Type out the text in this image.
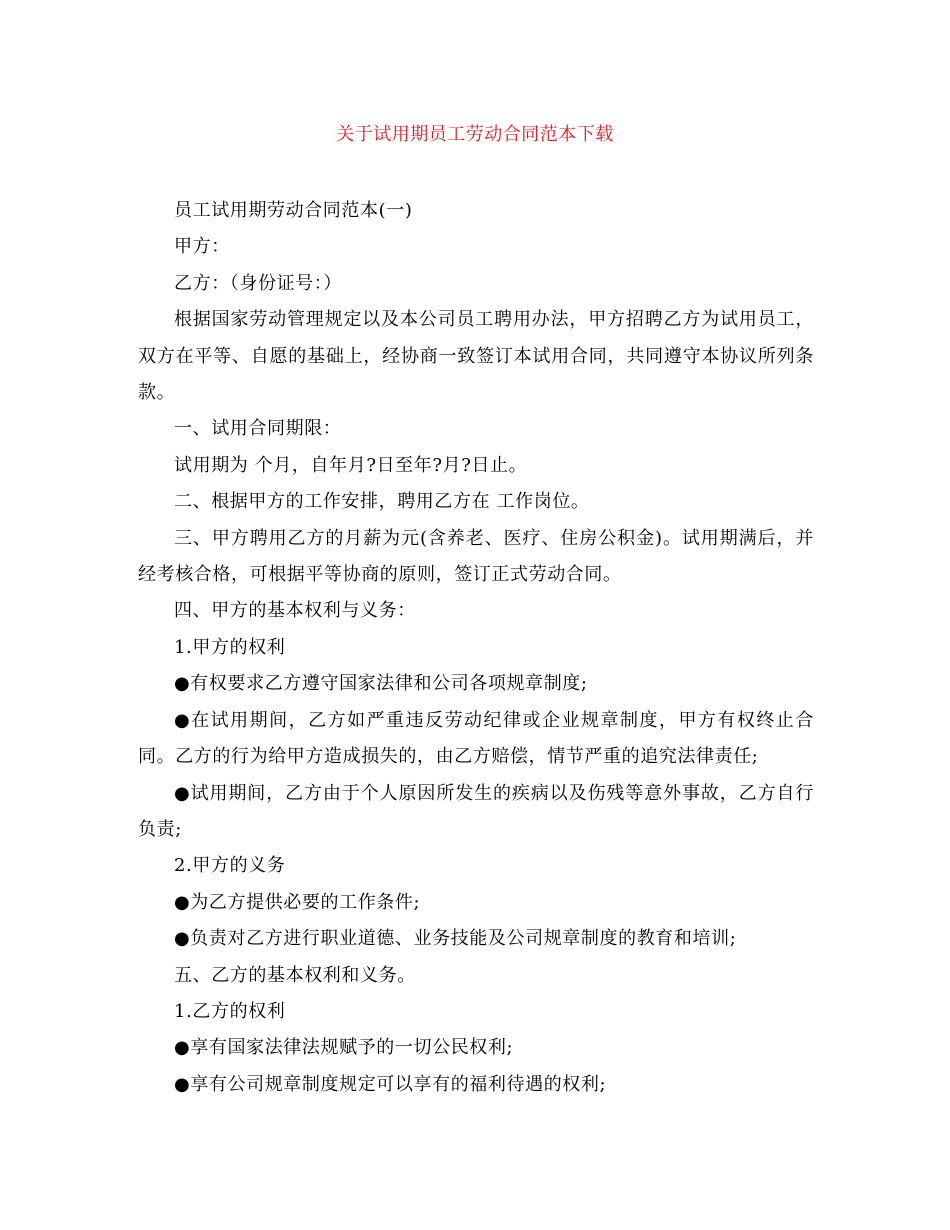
关于试用期员工劳动合同范本下载

员工试用期劳动合同范本(一)

甲方：

乙方：（身份证号：）

根据国家劳动管理规定以及本公司员工聘用办法，甲方招聘乙方为试用员工，双方在平等、自愿的基础上，经协商一致签订本试用合同，共同遵守本协议所列条款。

一、试用合同期限：

试用期为 个月，自年月?日至年?月?日止。

二、根据甲方的工作安排，聘用乙方在 工作岗位。

三、甲方聘用乙方的月薪为元(含养老、医疗、住房公积金)。试用期满后，并经考核合格，可根据平等协商的原则，签订正式劳动合同。

四、甲方的基本权利与义务：

1.甲方的权利

●有权要求乙方遵守国家法律和公司各项规章制度;

●在试用期间，乙方如严重违反劳动纪律或企业规章制度，甲方有权终止合同。乙方的行为给甲方造成损失的，由乙方赔偿，情节严重的追究法律责任;

●试用期间，乙方由于个人原因所发生的疾病以及伤残等意外事故，乙方自行负责;

2.甲方的义务

●为乙方提供必要的工作条件;

●负责对乙方进行职业道德、业务技能及公司规章制度的教育和培训;

五、乙方的基本权利和义务。

1.乙方的权利

●享有国家法律法规赋予的一切公民权利;

●享有公司规章制度规定可以享有的福利待遇的权利;
